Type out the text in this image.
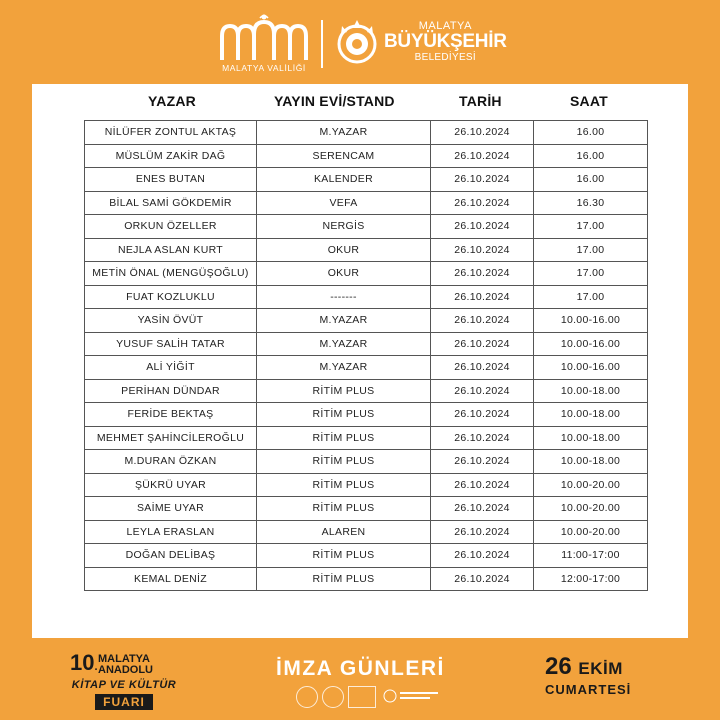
MALATYA VALİLİĞİ
MALATYA
BÜYÜKŞEHİR
BELEDİYESİ
YAZAR	YAYIN EVİ/STAND	TARİH	SAAT
NİLÜFER ZONTUL AKTAŞ	M.YAZAR	26.10.2024	16.00
MÜSLÜM ZAKİR DAĞ	SERENCAM	26.10.2024	16.00
ENES BUTAN	KALENDER	26.10.2024	16.00
BİLAL SAMİ GÖKDEMİR	VEFA	26.10.2024	16.30
ORKUN ÖZELLER	NERGİS	26.10.2024	17.00
NEJLA ASLAN KURT	OKUR	26.10.2024	17.00
METİN ÖNAL (MENGÜŞOĞLU)	OKUR	26.10.2024	17.00
FUAT KOZLUKLU	-------	26.10.2024	17.00
YASİN ÖVÜT	M.YAZAR	26.10.2024	10.00-16.00
YUSUF SALİH TATAR	M.YAZAR	26.10.2024	10.00-16.00
ALİ YİĞİT	M.YAZAR	26.10.2024	10.00-16.00
PERİHAN DÜNDAR	RİTİM PLUS	26.10.2024	10.00-18.00
FERİDE BEKTAŞ	RİTİM PLUS	26.10.2024	10.00-18.00
MEHMET ŞAHİNCİLEROĞLU	RİTİM PLUS	26.10.2024	10.00-18.00
M.DURAN ÖZKAN	RİTİM PLUS	26.10.2024	10.00-18.00
ŞÜKRÜ UYAR	RİTİM PLUS	26.10.2024	10.00-20.00
SAİME UYAR	RİTİM PLUS	26.10.2024	10.00-20.00
LEYLA ERASLAN	ALAREN	26.10.2024	10.00-20.00
DOĞAN DELİBAŞ	RİTİM PLUS	26.10.2024	11:00-17:00
KEMAL DENİZ	RİTİM PLUS	26.10.2024	12:00-17:00
10.
MALATYA
ANADOLU
KİTAP VE KÜLTÜR
FUARI
İMZA GÜNLERİ	26 EKİM
CUMARTESİ
